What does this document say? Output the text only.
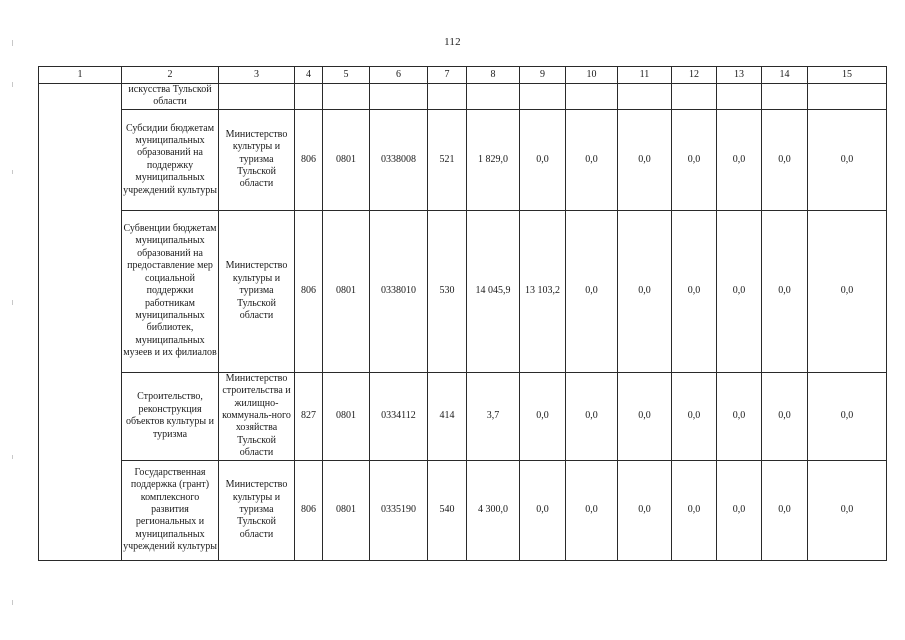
112
1	2	3	4	5	6	7	8	9	10	11	12	13	14	15
	искусства Тульской области													
	Субсидии бюджетам муниципальных образований на поддержку муниципальных учреждений культуры	Министерство культуры и туризма Тульской области	806	0801	0338008	521	1 829,0	0,0	0,0	0,0	0,0	0,0	0,0	0,0
	Субвенции бюджетам муниципальных образований на предоставление мер социальной поддержки работникам муниципальных библиотек, муниципальных музеев и их филиалов	Министерство культуры и туризма Тульской области	806	0801	0338010	530	14 045,9	13 103,2	0,0	0,0	0,0	0,0	0,0	0,0
	Строительство, реконструкция объектов культуры и туризма	Министерство строительства и жилищно-коммуналь-ного хозяйства Тульской области	827	0801	0334112	414	3,7	0,0	0,0	0,0	0,0	0,0	0,0	0,0
	Государственная поддержка (грант) комплексного развития региональных и муниципальных учреждений культуры	Министерство культуры и туризма Тульской области	806	0801	0335190	540	4 300,0	0,0	0,0	0,0	0,0	0,0	0,0	0,0
